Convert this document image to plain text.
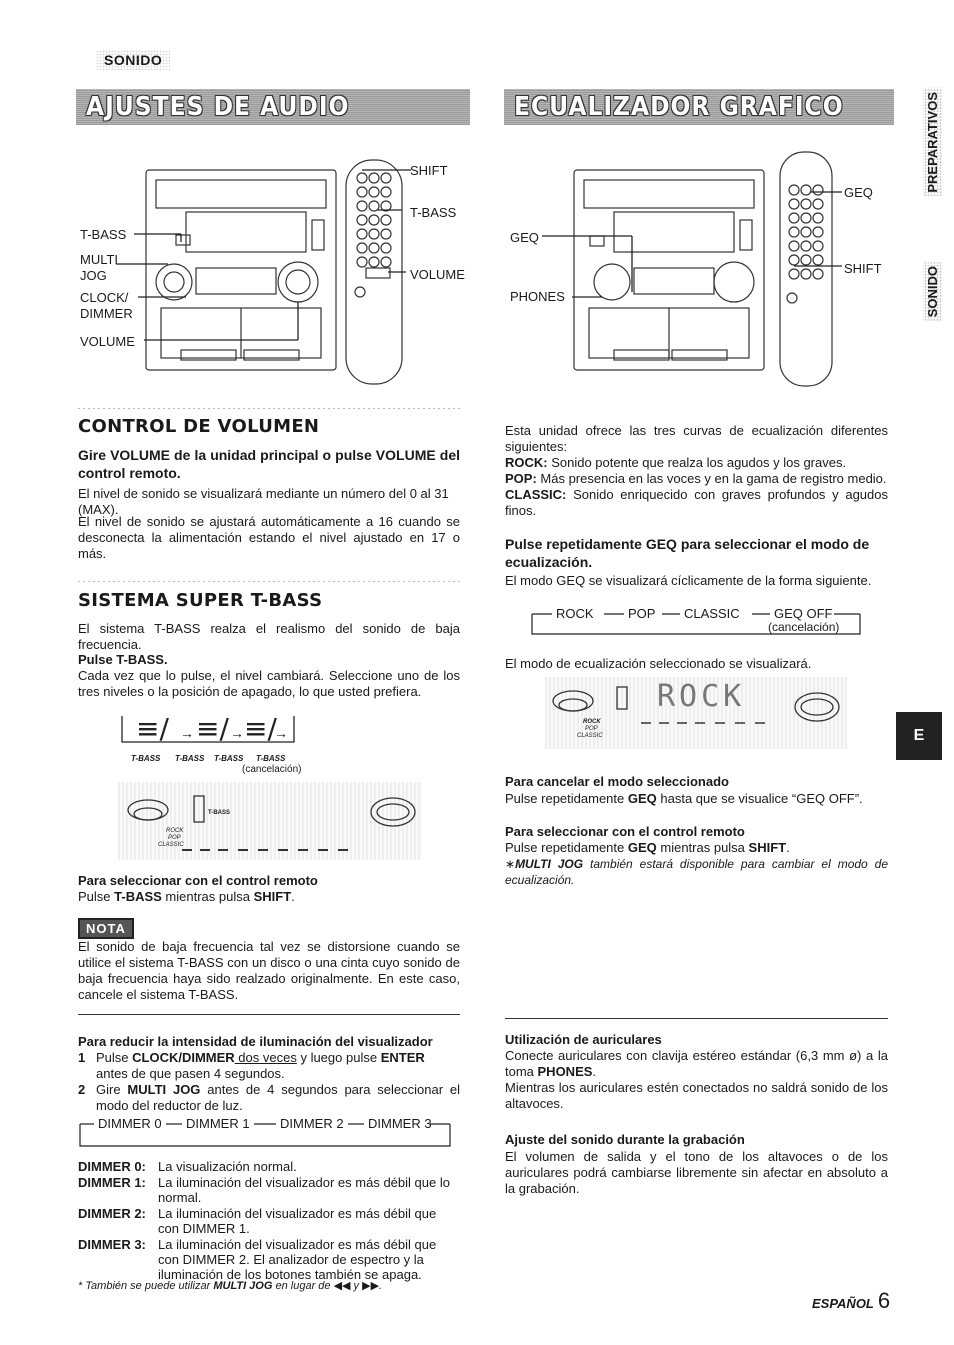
SONIDO
AJUSTES DE AUDIO	ECUALIZADOR GRAFICO	PREPARATIVOS
SONIDO
E
T-BASS
MULTI
JOG
CLOCK/
DIMMER
VOLUME
SHIFT
T-BASS
VOLUME
GEQ
PHONES
GEQ
SHIFT
CONTROL DE VOLUMEN
Gire VOLUME de la unidad principal o pulse VOLUME del control remoto.
El nivel de sonido se visualizará mediante un número del 0 al 31 (MAX).
El nivel de sonido se ajustará automáticamente a 16 cuando se desconecta la alimentación estando el nivel ajustado en 17 o más.
SISTEMA SUPER T-BASS
El sistema T-BASS realza el realismo del sonido de baja frecuencia.
Pulse T-BASS.
Cada vez que lo pulse, el nivel cambiará. Seleccione uno de los tres niveles o la posición de apagado, lo que usted prefiera.
≡/ → ≡/ → ≡/
→
T-BASS T-BASS T-BASS T-BASS
(cancelación)
T-BASS
ROCK
POP
CLASSIC
Para seleccionar con el control remoto
Pulse T-BASS mientras pulsa SHIFT.
NOTA
El sonido de baja frecuencia tal vez se distorsione cuando se utilice el sistema T-BASS con un disco o una cinta cuyo sonido de baja frecuencia haya sido realzado originalmente. En este caso, cancele el sistema T-BASS.
Esta unidad ofrece las tres curvas de ecualización diferentes siguientes:
ROCK: Sonido potente que realza los agudos y los graves.
POP: Más presencia en las voces y en la gama de registro medio.
CLASSIC: Sonido enriquecido con graves profundos y agudos finos.
Pulse repetidamente GEQ para seleccionar el modo de ecualización.
El modo GEQ se visualizará cíclicamente de la forma siguiente.
ROCK	POP CLASSIC	GEQ OFF
(cancelación)
El modo de ecualización seleccionado se visualizará.
ROCK
ROCK
POP
CLASSIC
Para cancelar el modo seleccionado
Pulse repetidamente GEQ hasta que se visualice “GEQ OFF”.
Para seleccionar con el control remoto
Pulse repetidamente GEQ mientras pulsa SHIFT.
∗MULTI JOG también estará disponible para cambiar el modo de ecualización.
Para reducir la intensidad de iluminación del visualizador
1 Pulse CLOCK/DIMMER dos veces y luego pulse ENTER antes de que pasen 4 segundos.
2 Gire MULTI JOG antes de 4 segundos para seleccionar el modo del reductor de luz.
DIMMER 0 DIMMER 1 DIMMER 2 DIMMER 3
DIMMER 0: La visualización normal.
DIMMER 1: La iluminación del visualizador es más débil que lo normal.
DIMMER 2: La iluminación del visualizador es más débil que con DIMMER 1.
DIMMER 3: La iluminación del visualizador es más débil que con DIMMER 2. El analizador de espectro y la iluminación de los botones también se apaga.
* También se puede utilizar MULTI JOG en lugar de ◀◀ y ▶▶.
Utilización de auriculares
Conecte auriculares con clavija estéreo estándar (6,3 mm ø) a la toma PHONES.
Mientras los auriculares estén conectados no saldrá sonido de los altavoces.
Ajuste del sonido durante la grabación
El volumen de salida y el tono de los altavoces o de los auriculares podrá cambiarse libremente sin afectar en absoluto a la grabación.
ESPAÑOL 6
